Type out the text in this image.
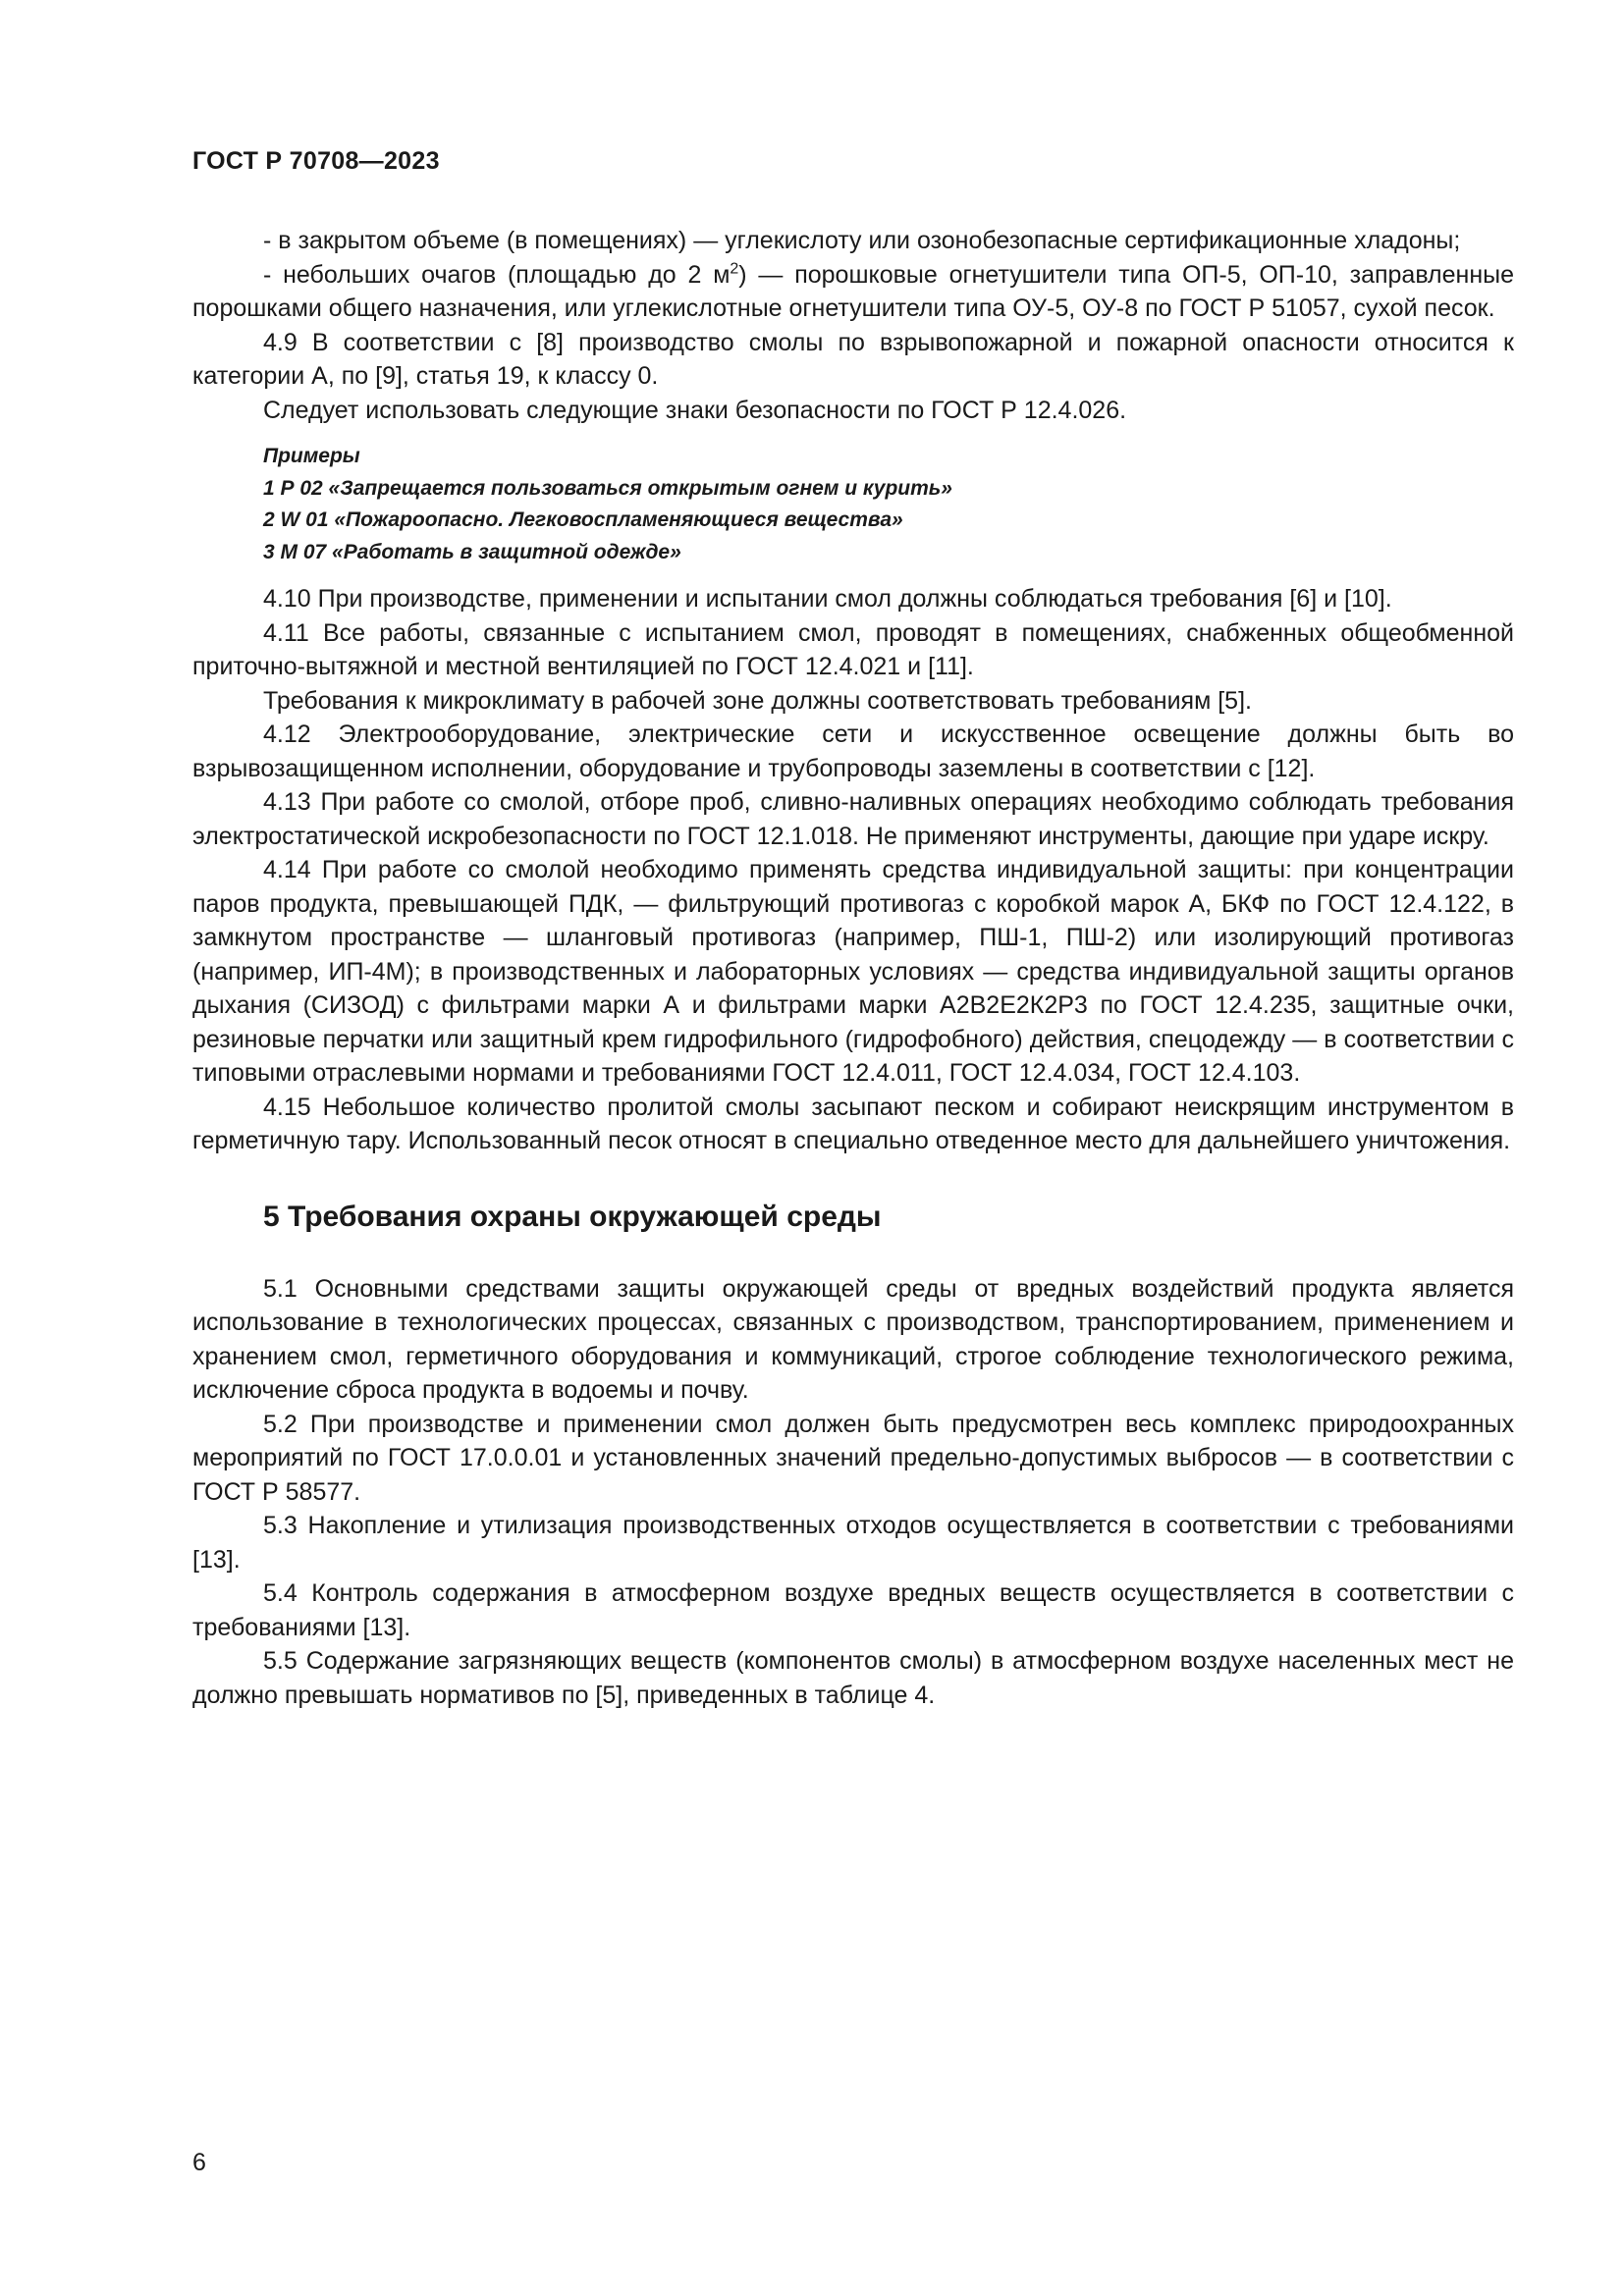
ГОСТ Р 70708—2023

- в закрытом объеме (в помещениях) — углекислоту или озонобезопасные сертификационные хладоны;

- небольших очагов (площадью до 2 $м^2$) — порошковые огнетушители типа ОП-5, ОП-10, заправленные порошками общего назначения, или углекислотные огнетушители типа ОУ-5, ОУ-8 по ГОСТ Р 51057, сухой песок.

4.9 В соответствии с [8] производство смолы по взрывопожарной и пожарной опасности относится к категории А, по [9], статья 19, к классу 0.

Следует использовать следующие знаки безопасности по ГОСТ Р 12.4.026.

Примеры
1 Р 02 «Запрещается пользоваться открытым огнем и курить»
2 W 01 «Пожароопасно. Легковоспламеняющиеся вещества»
3 М 07 «Работать в защитной одежде»

4.10 При производстве, применении и испытании смол должны соблюдаться требования [6] и [10].

4.11 Все работы, связанные с испытанием смол, проводят в помещениях, снабженных общеобменной приточно-вытяжной и местной вентиляцией по ГОСТ 12.4.021 и [11].

Требования к микроклимату в рабочей зоне должны соответствовать требованиям [5].

4.12 Электрооборудование, электрические сети и искусственное освещение должны быть во взрывозащищенном исполнении, оборудование и трубопроводы заземлены в соответствии с [12].

4.13 При работе со смолой, отборе проб, сливно-наливных операциях необходимо соблюдать требования электростатической искробезопасности по ГОСТ 12.1.018. Не применяют инструменты, дающие при ударе искру.

4.14 При работе со смолой необходимо применять средства индивидуальной защиты: при концентрации паров продукта, превышающей ПДК, — фильтрующий противогаз с коробкой марок А, БКФ по ГОСТ 12.4.122, в замкнутом пространстве — шланговый противогаз (например, ПШ-1, ПШ-2) или изолирующий противогаз (например, ИП-4М); в производственных и лабораторных условиях — средства индивидуальной защиты органов дыхания (СИЗОД) с фильтрами марки А и фильтрами марки А2В2Е2К2Р3 по ГОСТ 12.4.235, защитные очки, резиновые перчатки или защитный крем гидрофильного (гидрофобного) действия, спецодежду — в соответствии с типовыми отраслевыми нормами и требованиями ГОСТ 12.4.011, ГОСТ 12.4.034, ГОСТ 12.4.103.

4.15 Небольшое количество пролитой смолы засыпают песком и собирают неискрящим инструментом в герметичную тару. Использованный песок относят в специально отведенное место для дальнейшего уничтожения.

5 Требования охраны окружающей среды

5.1 Основными средствами защиты окружающей среды от вредных воздействий продукта является использование в технологических процессах, связанных с производством, транспортированием, применением и хранением смол, герметичного оборудования и коммуникаций, строгое соблюдение технологического режима, исключение сброса продукта в водоемы и почву.

5.2 При производстве и применении смол должен быть предусмотрен весь комплекс природоохранных мероприятий по ГОСТ 17.0.0.01 и установленных значений предельно-допустимых выбросов — в соответствии с ГОСТ Р 58577.

5.3 Накопление и утилизация производственных отходов осуществляется в соответствии с требованиями [13].

5.4 Контроль содержания в атмосферном воздухе вредных веществ осуществляется в соответствии с требованиями [13].

5.5 Содержание загрязняющих веществ (компонентов смолы) в атмосферном воздухе населенных мест не должно превышать нормативов по [5], приведенных в таблице 4.

6
